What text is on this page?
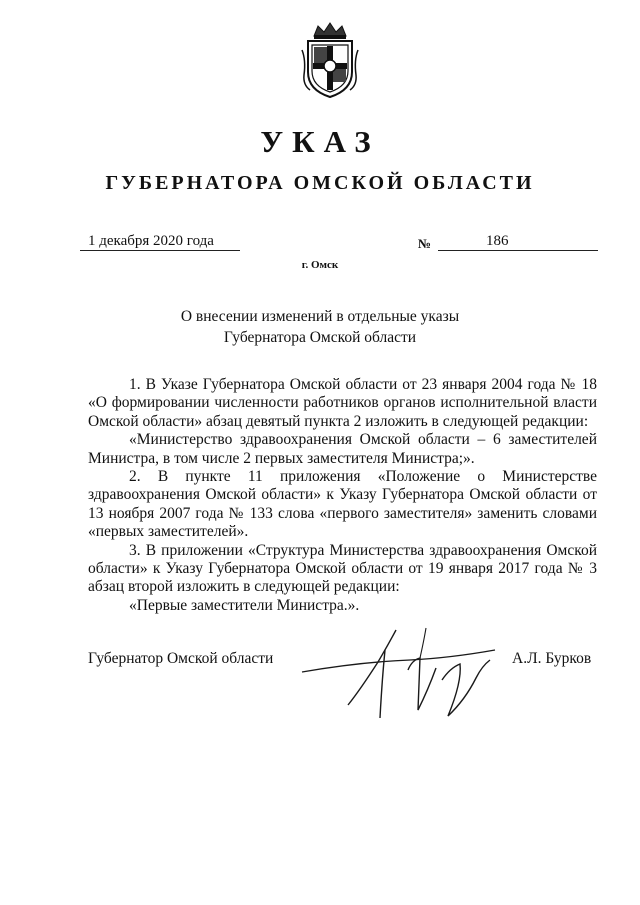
УКАЗ
ГУБЕРНАТОРА ОМСКОЙ ОБЛАСТИ
1 декабря 2020 года	№	186
г. Омск
О внесении изменений в отдельные указы
Губернатора Омской области

1. В Указе Губернатора Омской области от 23 января 2004 года № 18 «О формировании численности работников органов исполнительной власти Омской области» абзац девятый пункта 2 изложить в следующей редакции:

«Министерство здравоохранения Омской области – 6 заместителей Министра, в том числе 2 первых заместителя Министра;».

2. В пункте 11 приложения «Положение о Министерстве здравоохранения Омской области» к Указу Губернатора Омской области от 13 ноября 2007 года № 133 слова «первого заместителя» заменить словами «первых заместителей».

3. В приложении «Структура Министерства здравоохранения Омской области» к Указу Губернатора Омской области от 19 января 2017 года № 3 абзац второй изложить в следующей редакции:

«Первые заместители Министра.».

Губернатор Омской области	А.Л. Бурков
